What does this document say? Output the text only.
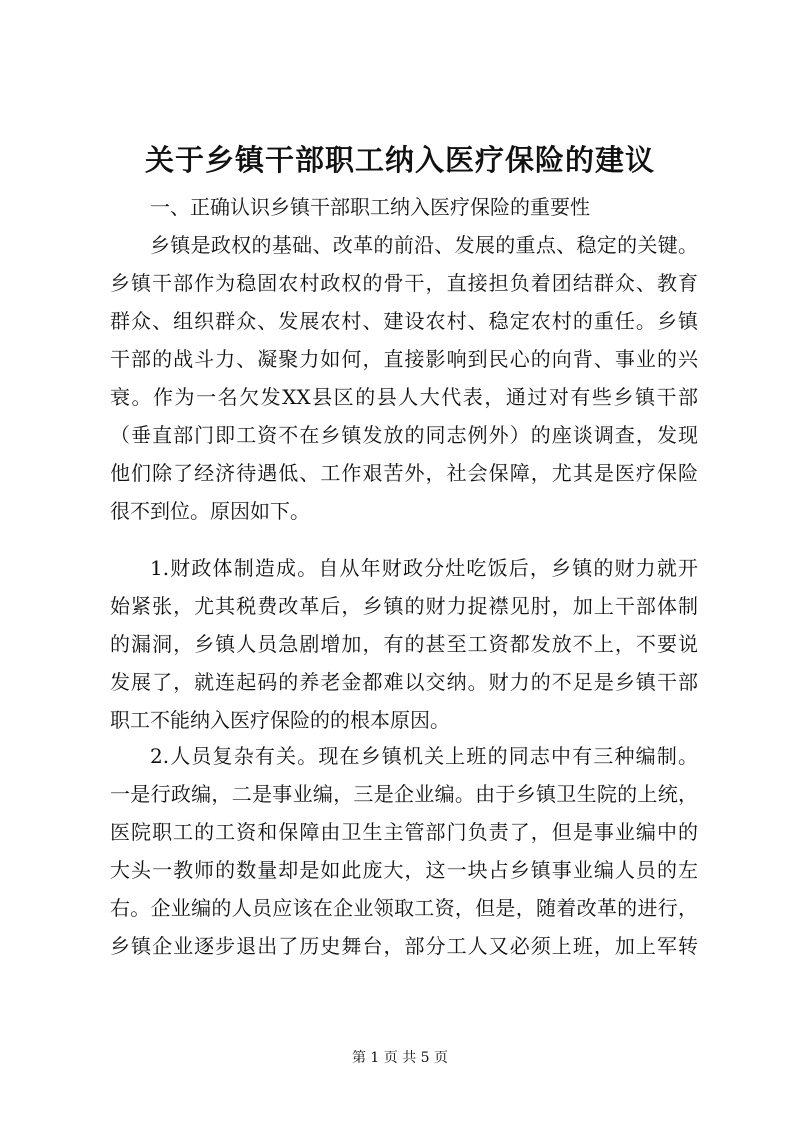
关于乡镇干部职工纳入医疗保险的建议
一、正确认识乡镇干部职工纳入医疗保险的重要性
乡镇是政权的基础、改革的前沿、发展的重点、稳定的关键。
乡镇干部作为稳固农村政权的骨干，直接担负着团结群众、教育
群众、组织群众、发展农村、建设农村、稳定农村的重任。乡镇
干部的战斗力、凝聚力如何，直接影响到民心的向背、事业的兴
衰。作为一名欠发XX县区的县人大代表，通过对有些乡镇干部
（垂直部门即工资不在乡镇发放的同志例外）的座谈调查，发现
他们除了经济待遇低、工作艰苦外，社会保障，尤其是医疗保险
很不到位。原因如下。
1.财政体制造成。自从年财政分灶吃饭后，乡镇的财力就开
始紧张，尤其税费改革后，乡镇的财力捉襟见肘，加上干部体制
的漏洞，乡镇人员急剧增加，有的甚至工资都发放不上，不要说
发展了，就连起码的养老金都难以交纳。财力的不足是乡镇干部
职工不能纳入医疗保险的的根本原因。
2.人员复杂有关。现在乡镇机关上班的同志中有三种编制。
一是行政编，二是事业编，三是企业编。由于乡镇卫生院的上统，
医院职工的工资和保障由卫生主管部门负责了，但是事业编中的
大头一教师的数量却是如此庞大，这一块占乡镇事业编人员的左
右。企业编的人员应该在企业领取工资，但是，随着改革的进行，
乡镇企业逐步退出了历史舞台，部分工人又必须上班，加上军转
第 1 页 共 5 页
